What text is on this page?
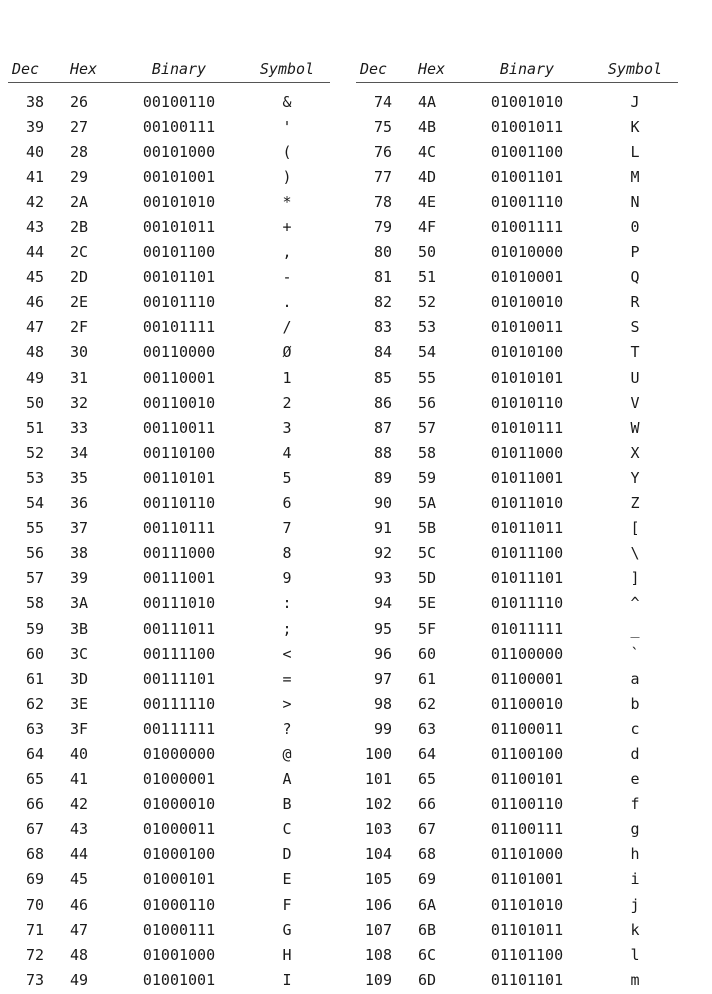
Dec	Hex	Binary	Symbol
38	26	00100110	&
39	27	00100111	'
40	28	00101000	(
41	29	00101001	)
42	2A	00101010	*
43	2B	00101011	+
44	2C	00101100	,
45	2D	00101101	-
46	2E	00101110	.
47	2F	00101111	/
48	30	00110000	Ø
49	31	00110001	1
50	32	00110010	2
51	33	00110011	3
52	34	00110100	4
53	35	00110101	5
54	36	00110110	6
55	37	00110111	7
56	38	00111000	8
57	39	00111001	9
58	3A	00111010	:
59	3B	00111011	;
60	3C	00111100	<
61	3D	00111101	=
62	3E	00111110	>
63	3F	00111111	?
64	40	01000000	@
65	41	01000001	A
66	42	01000010	B
67	43	01000011	C
68	44	01000100	D
69	45	01000101	E
70	46	01000110	F
71	47	01000111	G
72	48	01001000	H
73	49	01001001	I
Dec	Hex	Binary	Symbol
74	4A	01001010	J
75	4B	01001011	K
76	4C	01001100	L
77	4D	01001101	M
78	4E	01001110	N
79	4F	01001111	0
80	50	01010000	P
81	51	01010001	Q
82	52	01010010	R
83	53	01010011	S
84	54	01010100	T
85	55	01010101	U
86	56	01010110	V
87	57	01010111	W
88	58	01011000	X
89	59	01011001	Y
90	5A	01011010	Z
91	5B	01011011	[
92	5C	01011100	\
93	5D	01011101	]
94	5E	01011110	^
95	5F	01011111	_
96	60	01100000	`
97	61	01100001	a
98	62	01100010	b
99	63	01100011	c
100	64	01100100	d
101	65	01100101	e
102	66	01100110	f
103	67	01100111	g
104	68	01101000	h
105	69	01101001	i
106	6A	01101010	j
107	6B	01101011	k
108	6C	01101100	l
109	6D	01101101	m
